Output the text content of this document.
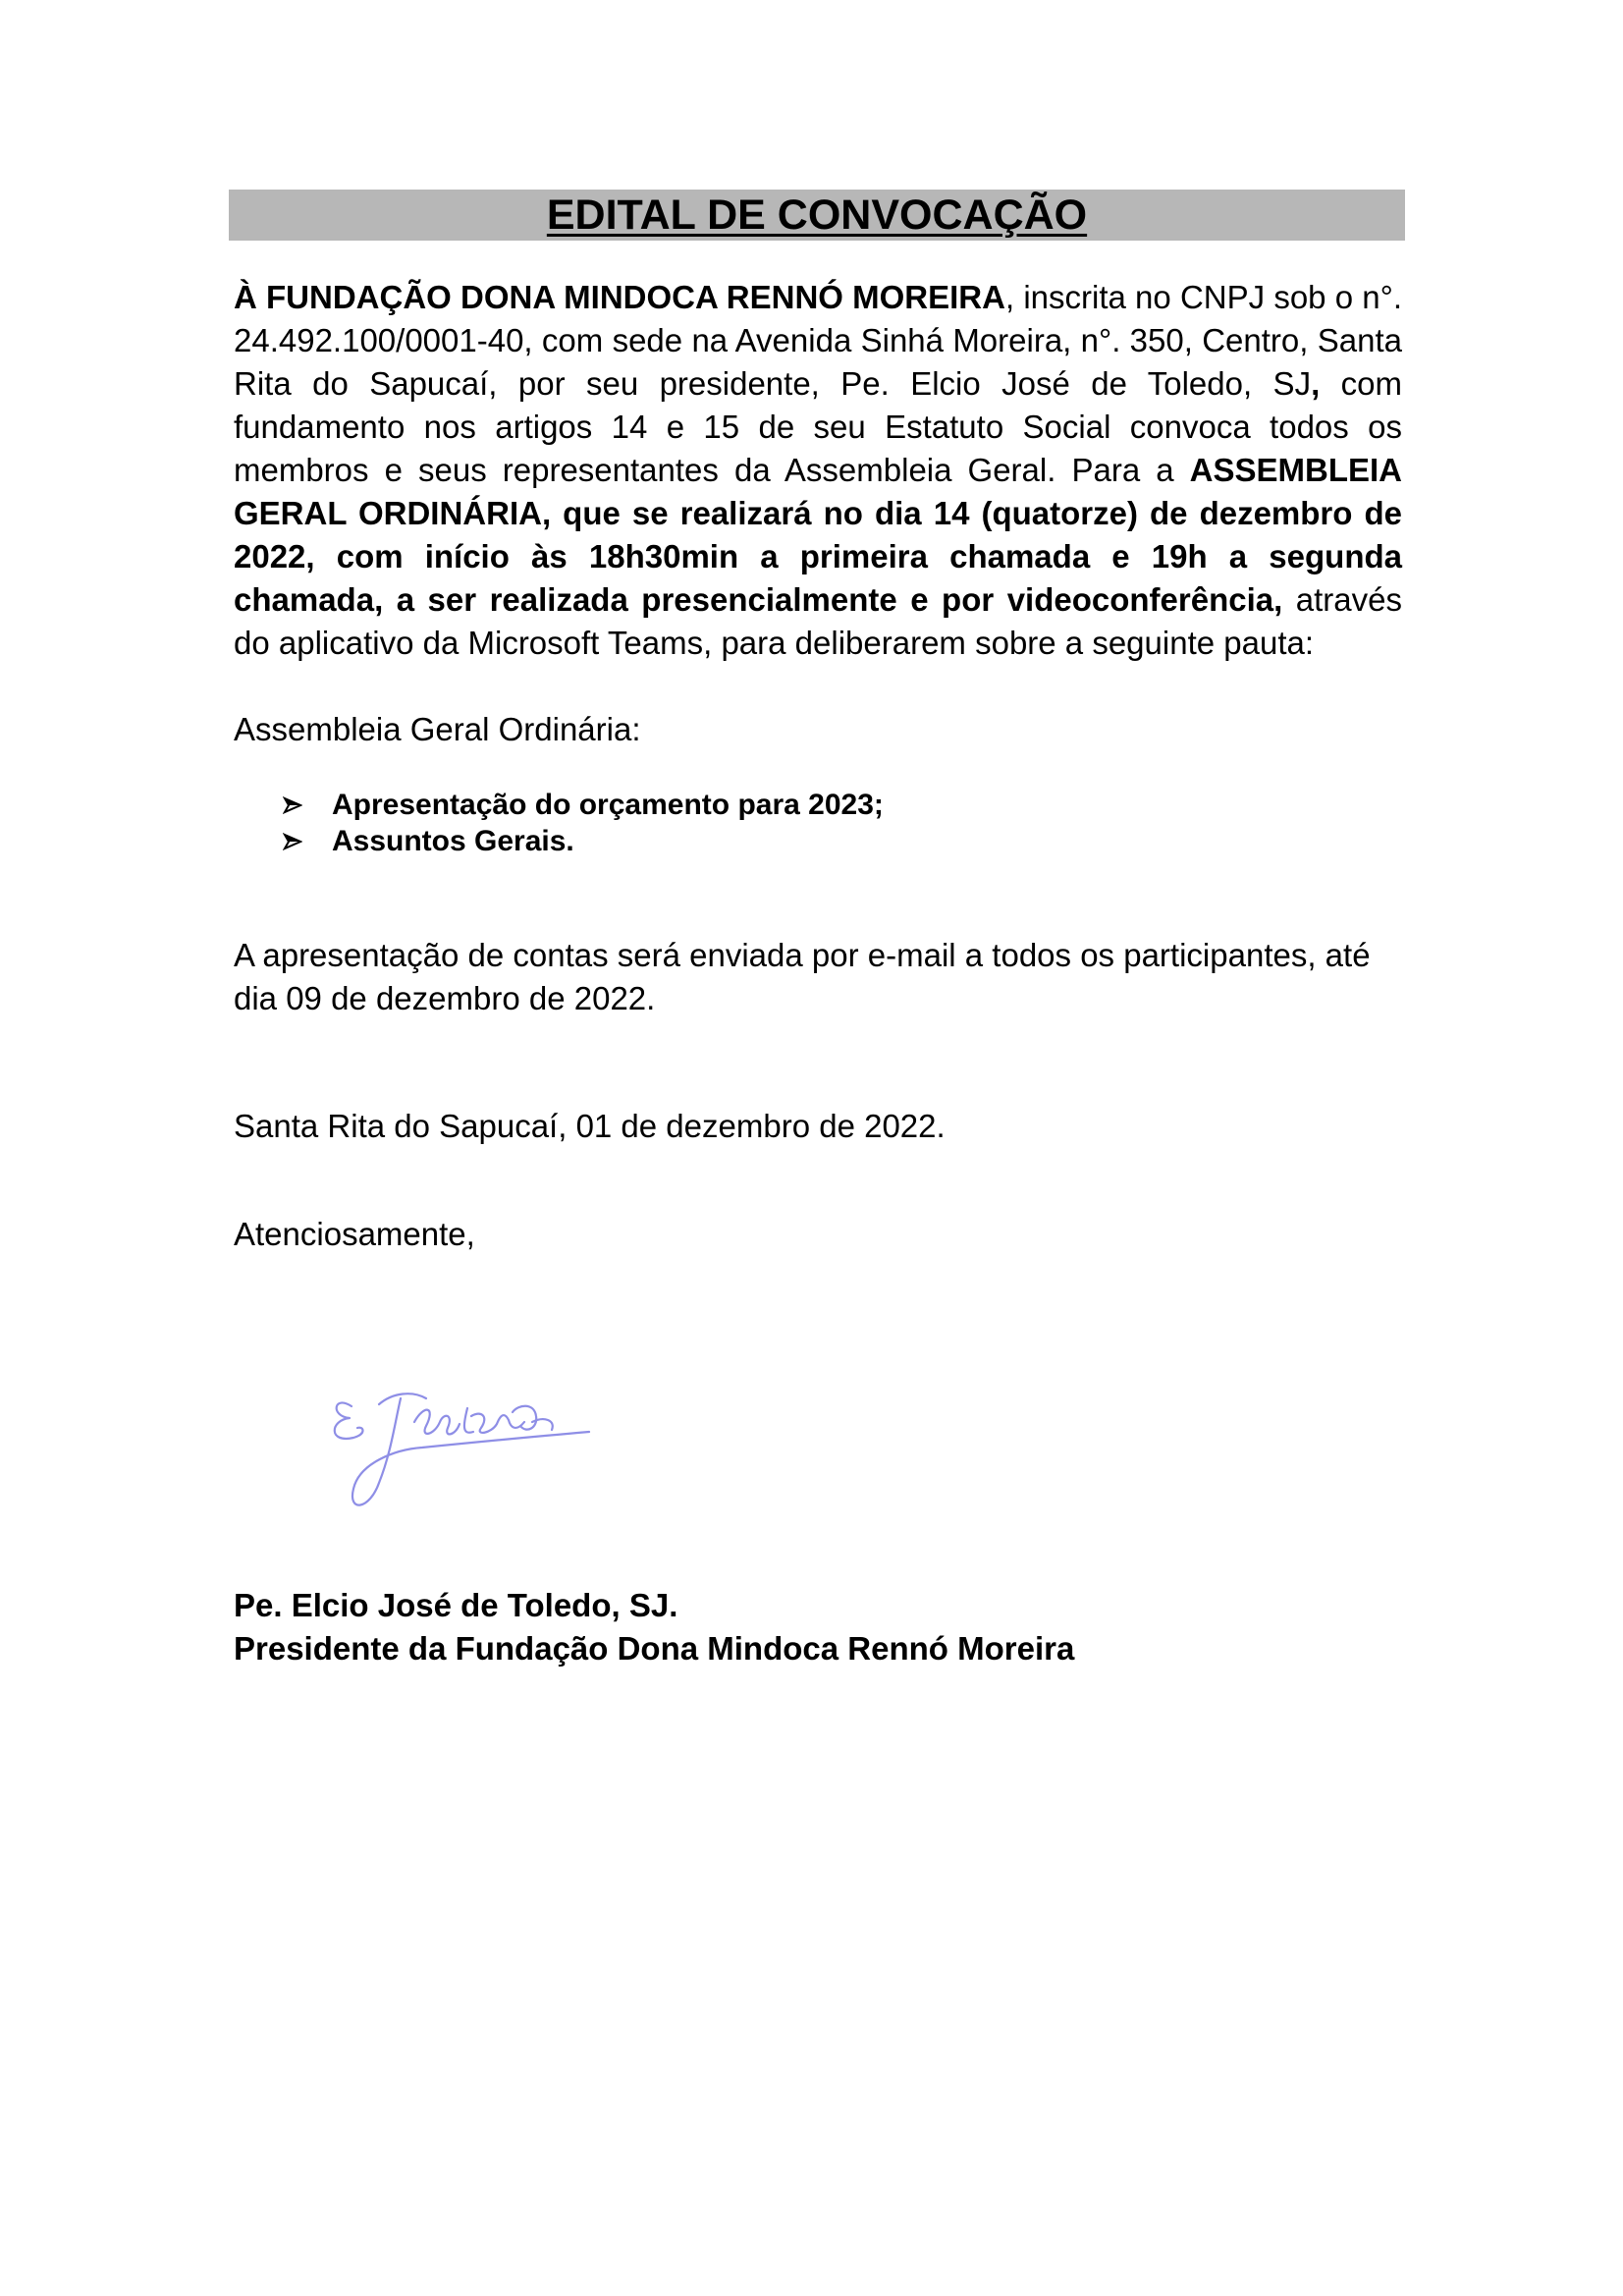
EDITAL DE CONVOCAÇÃO
À FUNDAÇÃO DONA MINDOCA RENNÓ MOREIRA, inscrita no CNPJ sob o n°. 24.492.100/0001-40, com sede na Avenida Sinhá Moreira, n°. 350, Centro, Santa Rita do Sapucaí, por seu presidente, Pe. Elcio José de Toledo, SJ, com fundamento nos artigos 14 e 15 de seu Estatuto Social convoca todos os membros e seus representantes da Assembleia Geral. Para a ASSEMBLEIA GERAL ORDINÁRIA, que se realizará no dia 14 (quatorze) de dezembro de 2022, com início às 18h30min a primeira chamada e 19h a segunda chamada, a ser realizada presencialmente e por videoconferência, através do aplicativo da Microsoft Teams, para deliberarem sobre a seguinte pauta:
Assembleia Geral Ordinária:
Apresentação do orçamento para 2023;
Assuntos Gerais.
A apresentação de contas será enviada por e-mail a todos os participantes, até dia 09 de dezembro de 2022.
Santa Rita do Sapucaí, 01 de dezembro de 2022.
Atenciosamente,
Pe. Elcio José de Toledo, SJ.
Presidente da Fundação Dona Mindoca Rennó Moreira
